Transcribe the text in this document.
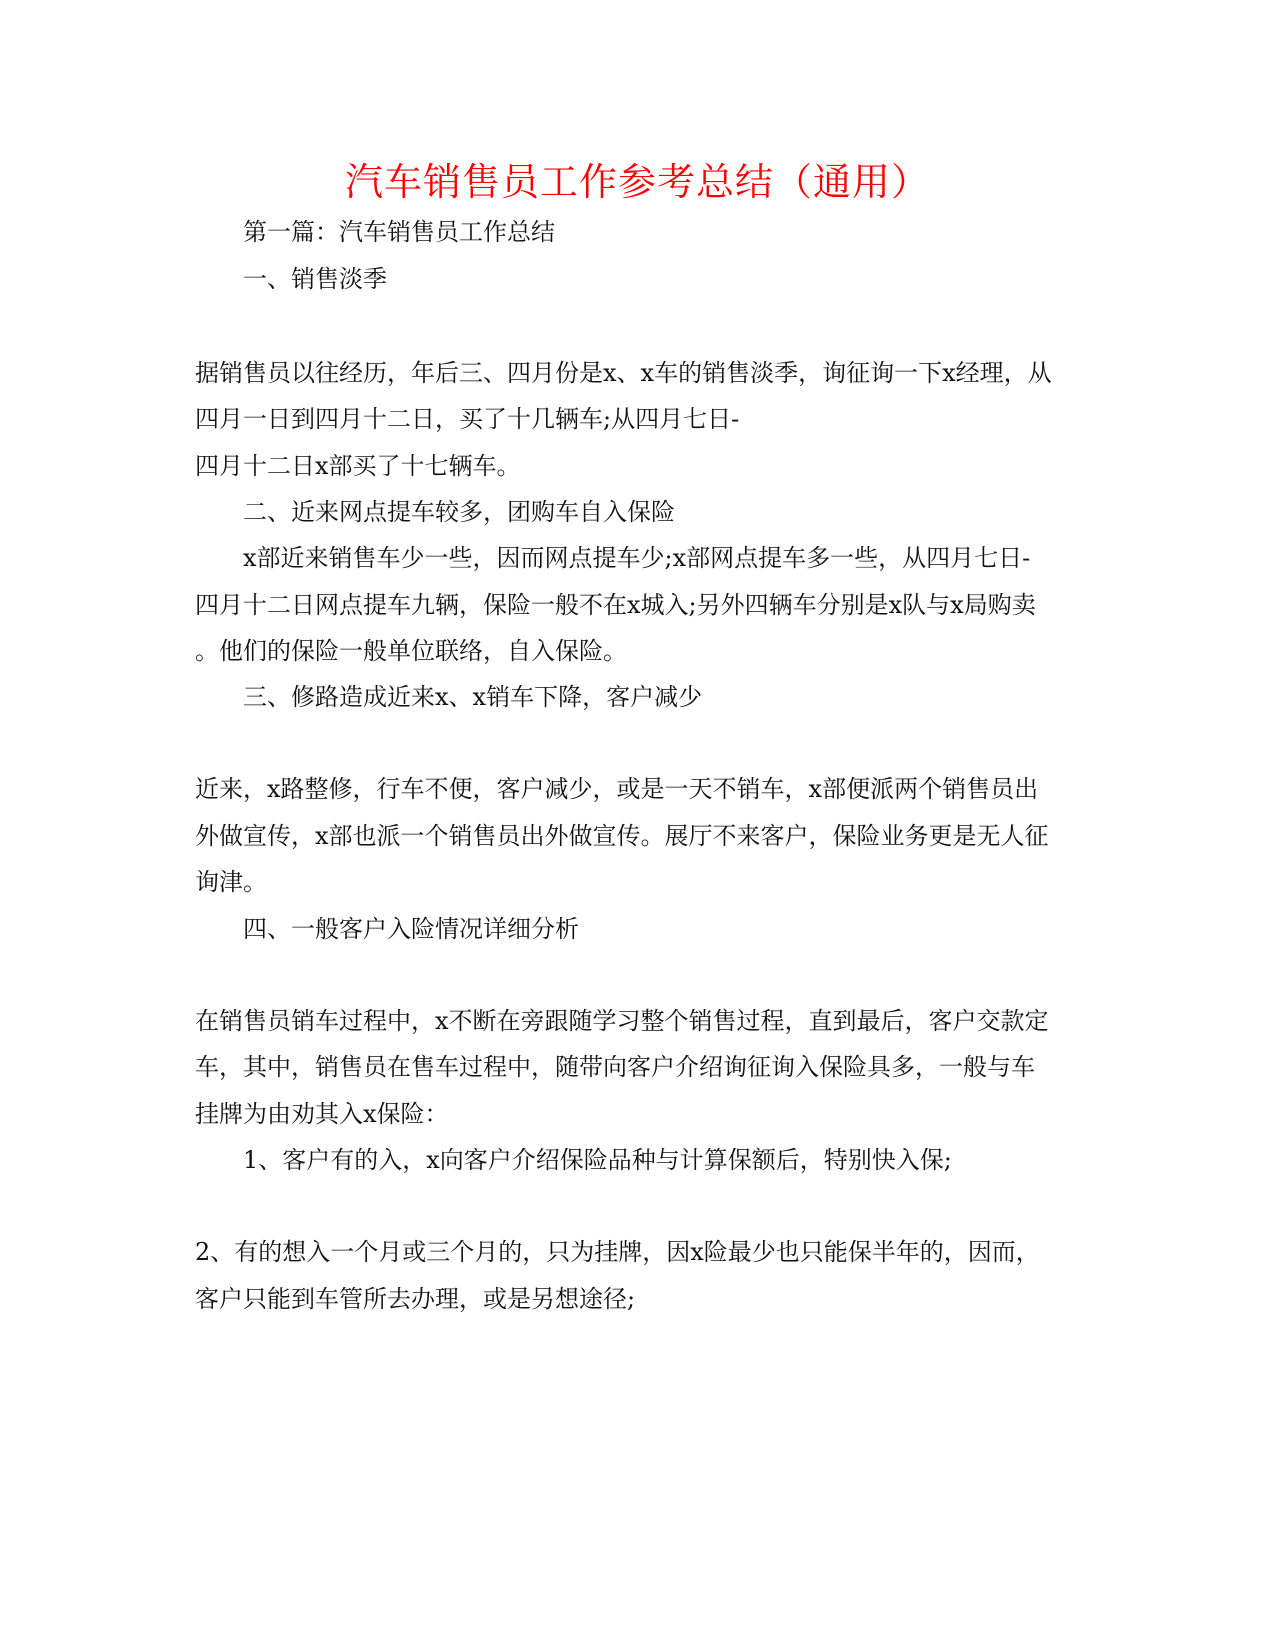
汽车销售员工作参考总结（通用）
第一篇：汽车销售员工作总结
一、销售淡季
据销售员以往经历，年后三、四月份是x、x车的销售淡季，询征询一下x经理，从
四月一日到四月十二日，买了十几辆车;从四月七日-
四月十二日x部买了十七辆车。
二、近来网点提车较多，团购车自入保险
x部近来销售车少一些，因而网点提车少;x部网点提车多一些，从四月七日-
四月十二日网点提车九辆，保险一般不在x城入;另外四辆车分别是x队与x局购卖
。他们的保险一般单位联络，自入保险。
三、修路造成近来x、x销车下降，客户减少
近来，x路整修，行车不便，客户减少，或是一天不销车，x部便派两个销售员出
外做宣传，x部也派一个销售员出外做宣传。展厅不来客户，保险业务更是无人征
询津。
四、一般客户入险情况详细分析
在销售员销车过程中，x不断在旁跟随学习整个销售过程，直到最后，客户交款定
车，其中，销售员在售车过程中，随带向客户介绍询征询入保险具多，一般与车
挂牌为由劝其入x保险：
1、客户有的入，x向客户介绍保险品种与计算保额后，特别快入保;
2、有的想入一个月或三个月的，只为挂牌，因x险最少也只能保半年的，因而，
客户只能到车管所去办理，或是另想途径;
